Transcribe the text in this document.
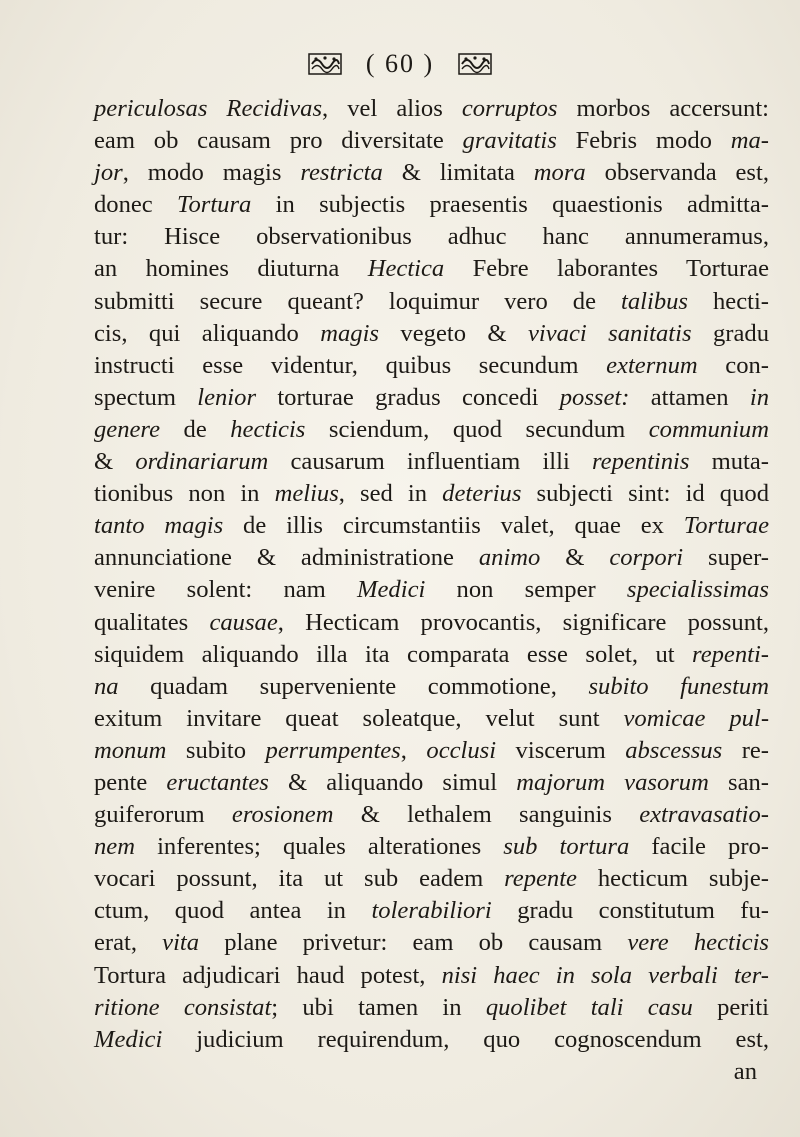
( 60 )
periculosas Recidivas, vel alios corruptos morbos accersunt:
eam ob causam pro diversitate gravitatis Febris modo ma-
jor, modo magis restricta & limitata mora observanda est,
donec Tortura in subjectis praesentis quaestionis admitta-
tur: Hisce observationibus adhuc hanc annumeramus,
an homines diuturna Hectica Febre laborantes Torturae
submitti secure queant? loquimur vero de talibus hecti-
cis, qui aliquando magis vegeto & vivaci sanitatis gradu
instructi esse videntur, quibus secundum externum con-
spectum lenior torturae gradus concedi posset: attamen in
genere de hecticis sciendum, quod secundum communium
& ordinariarum causarum influentiam illi repentinis muta-
tionibus non in melius, sed in deterius subjecti sint: id quod
tanto magis de illis circumstantiis valet, quae ex Torturae
annunciatione & administratione animo & corpori super-
venire solent: nam Medici non semper specialissimas
qualitates causae, Hecticam provocantis, significare possunt,
siquidem aliquando illa ita comparata esse solet, ut repenti-
na quadam superveniente commotione, subito funestum
exitum invitare queat soleatque, velut sunt vomicae pul-
monum subito perrumpentes, occlusi viscerum abscessus re-
pente eructantes & aliquando simul majorum vasorum san-
guiferorum erosionem & lethalem sanguinis extravasatio-
nem inferentes; quales alterationes sub tortura facile pro-
vocari possunt, ita ut sub eadem repente hecticum subje-
ctum, quod antea in tolerabiliori gradu constitutum fu-
erat, vita plane privetur: eam ob causam vere hecticis
Tortura adjudicari haud potest, nisi haec in sola verbali ter-
ritione consistat; ubi tamen in quolibet tali casu periti
Medici judicium requirendum, quo cognoscendum est,
an
